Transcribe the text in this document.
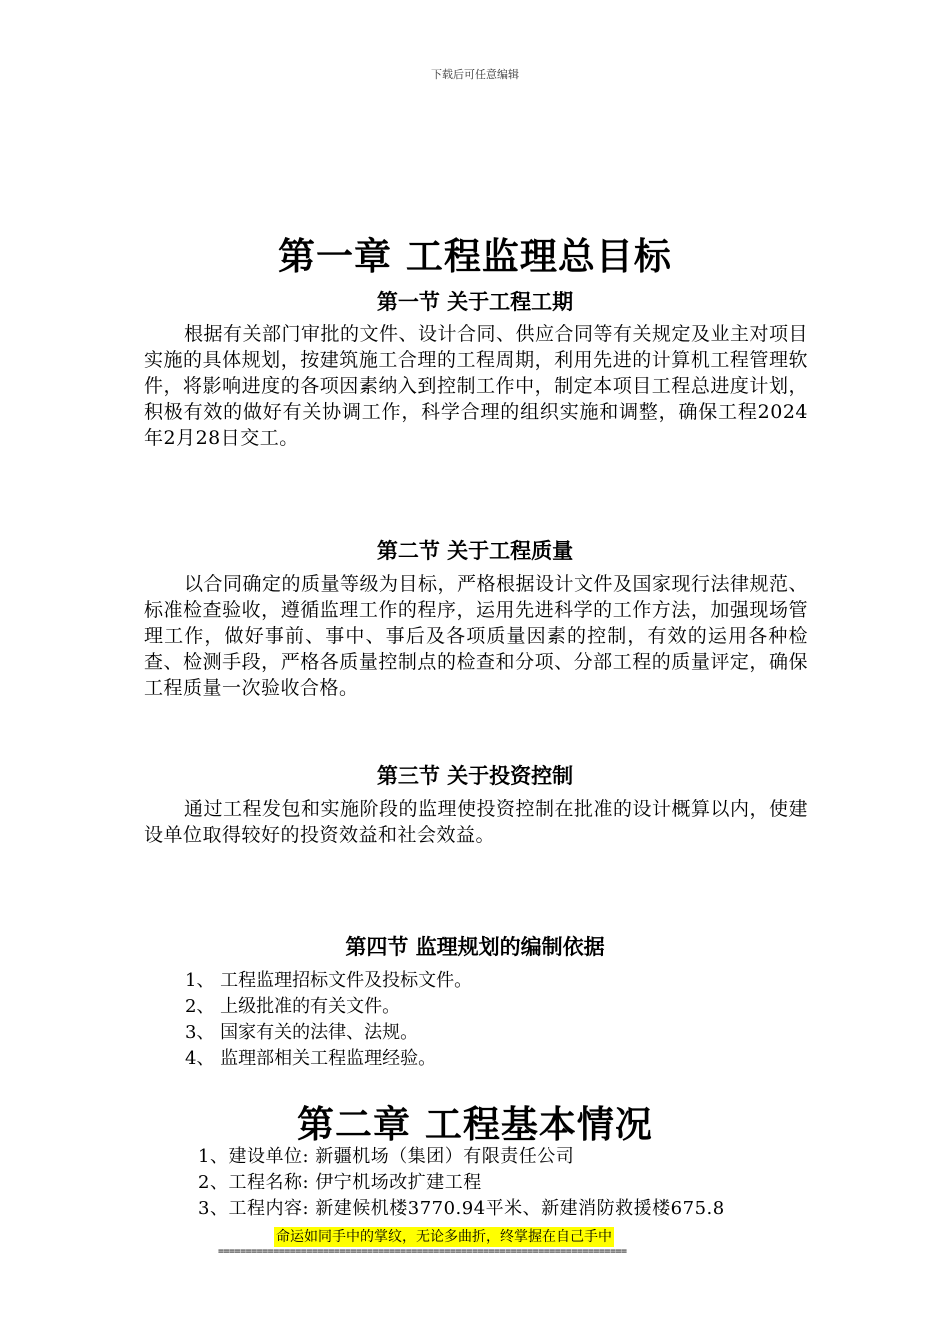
下载后可任意编辑
第一章 工程监理总目标
第一节 关于工程工期

根据有关部门审批的文件、设计合同、供应合同等有关规定及业主对项目实施的具体规划，按建筑施工合理的工程周期，利用先进的计算机工程管理软件，将影响进度的各项因素纳入到控制工作中，制定本项目工程总进度计划，积极有效的做好有关协调工作，科学合理的组织实施和调整，确保工程2024年2月28日交工。

第二节 关于工程质量

以合同确定的质量等级为目标，严格根据设计文件及国家现行法律规范、标准检查验收，遵循监理工作的程序，运用先进科学的工作方法，加强现场管理工作，做好事前、事中、事后及各项质量因素的控制，有效的运用各种检查、检测手段，严格各质量控制点的检查和分项、分部工程的质量评定，确保工程质量一次验收合格。

第三节 关于投资控制

通过工程发包和实施阶段的监理使投资控制在批准的设计概算以内，使建设单位取得较好的投资效益和社会效益。

第四节 监理规划的编制依据
1、 工程监理招标文件及投标文件。
2、 上级批准的有关文件。
3、 国家有关的法律、法规。
4、 监理部相关工程监理经验。
第二章 工程基本情况
1、建设单位: 新疆机场（集团）有限责任公司
2、工程名称: 伊宁机场改扩建工程
3、工程内容: 新建候机楼3770.94平米、新建消防救援楼675.8
命运如同手中的掌纹，无论多曲折，终掌握在自己手中
==========================================================================
